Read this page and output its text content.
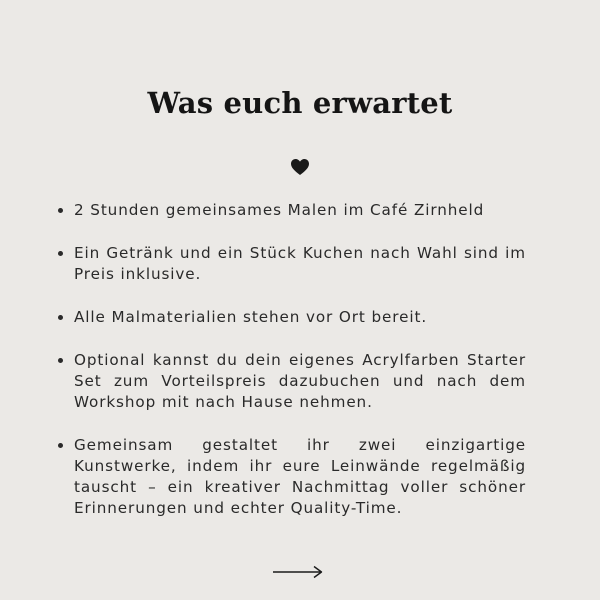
Was euch erwartet
2 Stunden gemeinsames Malen im Café Zirnheld
Ein Getränk und ein Stück Kuchen nach Wahl sind im Preis inklusive.
Alle Malmaterialien stehen vor Ort bereit.
Optional kannst du dein eigenes Acrylfarben Starter Set zum Vorteilspreis dazubuchen und nach dem Workshop mit nach Hause nehmen.
Gemeinsam gestaltet ihr zwei einzigartige Kunstwerke, indem ihr eure Leinwände regelmäßig tauscht – ein kreativer Nachmittag voller schöner Erinnerungen und echter Quality-Time.
